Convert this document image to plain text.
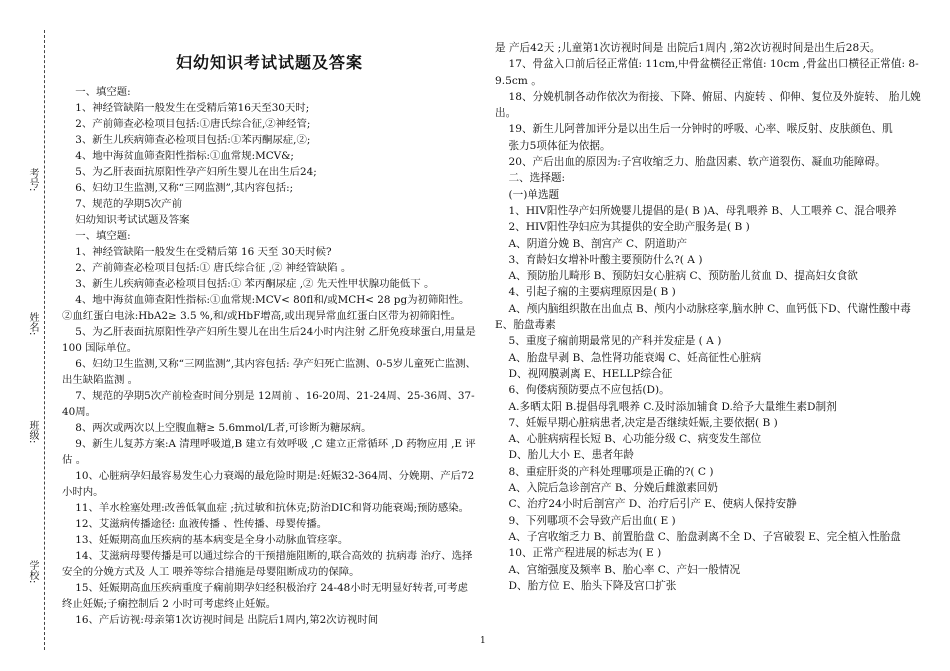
考号:
姓名:
班级:
学校:
妇幼知识考试试题及答案

一、填空题:

1、神经管缺陷一般发生在受精后第16天至30天时;

2、产前筛查必检项目包括:①唐氏综合征,②神经管;

3、新生儿疾病筛查必检项目包括:①苯丙酮尿症,②;

4、地中海贫血筛查阳性指标:①血常规:MCV&;

5、为乙肝表面抗原阳性孕产妇所生婴儿在出生后24;

6、妇幼卫生监测,又称“三网监测”,其内容包括:;

7、规范的孕期5次产前

妇幼知识考试试题及答案

一、填空题:

1、神经管缺陷一般发生在受精后第 16 天至 30天时候?

2、产前筛查必检项目包括:① 唐氏综合征 ,② 神经管缺陷 。

3、新生儿疾病筛查必检项目包括:① 苯丙酮尿症 ,② 先天性甲状腺功能低下 。

4、地中海贫血筛查阳性指标:①血常规:MCV< 80fl和/或MCH< 28 pg为初筛阳性。②血红蛋白电泳:HbA2≥ 3.5 %,和/或HbF增高,或出现异常血红蛋白区带为初筛阳性。

5、为乙肝表面抗原阳性孕产妇所生婴儿在出生后24小时内注射 乙肝免疫球蛋白,用量是 100 国际单位。

6、妇幼卫生监测,又称“三网监测”,其内容包括: 孕产妇死亡监测、0-5岁儿童死亡监测、 出生缺陷监测 。

7、规范的孕期5次产前检查时间分别是 12周前 、16-20周、21-24周、25-36周、37-40周。

8、两次或两次以上空腹血糖≥ 5.6mmol/L者,可诊断为糖尿病。

9、新生儿复苏方案:A 清理呼吸道,B 建立有效呼吸 ,C 建立正常循环 ,D 药物应用 ,E 评估 。

10、心脏病孕妇最容易发生心力衰竭的最危险时期是:妊娠32-364周、分娩期、产后72小时内。

11、羊水栓塞处理:改善低氧血症 ;抗过敏和抗休克;防治DIC和肾功能衰竭;预防感染。

12、艾滋病传播途径: 血液传播 、性传播、母婴传播。

13、妊娠期高血压疾病的基本病变是全身小动脉血管痉挛。

14、艾滋病母婴传播是可以通过综合的干预措施阻断的,联合高效的 抗病毒 治疗、选择安全的分娩方式及 人工 喂养等综合措施是母婴阻断成功的保障。

15、妊娠期高血压疾病重度子痫前期孕妇经积极治疗 24-48小时无明显好转者,可考虑终止妊娠;子痫控制后 2 小时可考虑终止妊娠。

16、产后访视:母亲第1次访视时间是 出院后1周内,第2次访视时间

是 产后42天 ;儿童第1次访视时间是 出院后1周内 ,第2次访视时间是出生后28天。

17、骨盆入口前后径正常值: 11cm,中骨盆横径正常值: 10cm ,骨盆出口横径正常值: 8-9.5cm 。

18、分娩机制各动作依次为衔接、下降、俯屈、内旋转 、仰伸、复位及外旋转、 胎儿娩出。

19、新生儿阿普加评分是以出生后一分钟时的呼吸、心率、喉反射、皮肤颜色、肌

张力5项体征为依据。

20、产后出血的原因为:子宫收缩乏力、胎盘因素、软产道裂伤、凝血功能障碍。

二、选择题:

(一)单选题

1、HIV阳性孕产妇所娩婴儿提倡的是( B )A、母乳喂养 B、人工喂养 C、混合喂养

2、HIV阳性孕妇应为其提供的安全助产服务是( B )

A、阴道分娩 B、剖宫产 C、阴道助产

3、育龄妇女增补叶酸主要预防什么?( A )

A、预防胎儿畸形 B、预防妇女心脏病 C、预防胎儿贫血 D、提高妇女食欲

4、引起子痫的主要病理原因是( B )

A、颅内脑组织散在出血点 B、颅内小动脉痉挛,脑水肿 C、血钙低下D、代谢性酸中毒E、胎盘毒素

5、重度子痫前期最常见的产科并发症是 ( A )

A、胎盘早剥 B、急性肾功能衰竭 C、妊高征性心脏病

D、视网膜剥离 E、HELLP综合征

6、佝偻病预防要点不应包括(D)。

A.多晒太阳 B.提倡母乳喂养 C.及时添加辅食 D.给予大量维生素D制剂

7、妊娠早期心脏病患者,决定是否继续妊娠,主要依据( B )

A、心脏病病程长短 B、心功能分级 C、病变发生部位

D、胎儿大小 E、患者年龄

8、重症肝炎的产科处理哪项是正确的?( C )

A、入院后急诊剖宫产 B、分娩后雌激素回奶

C、治疗24小时后剖宫产 D、治疗后引产 E、使病人保持安静

9、下列哪项不会导致产后出血( E )

A、子宫收缩乏力 B、前置胎盘 C、胎盘剥离不全 D、子宫破裂 E、完全植入性胎盘

10、正常产程进展的标志为( E )

A、宫缩强度及频率 B、胎心率 C、产妇一般情况

D、胎方位 E、胎头下降及宫口扩张

1
